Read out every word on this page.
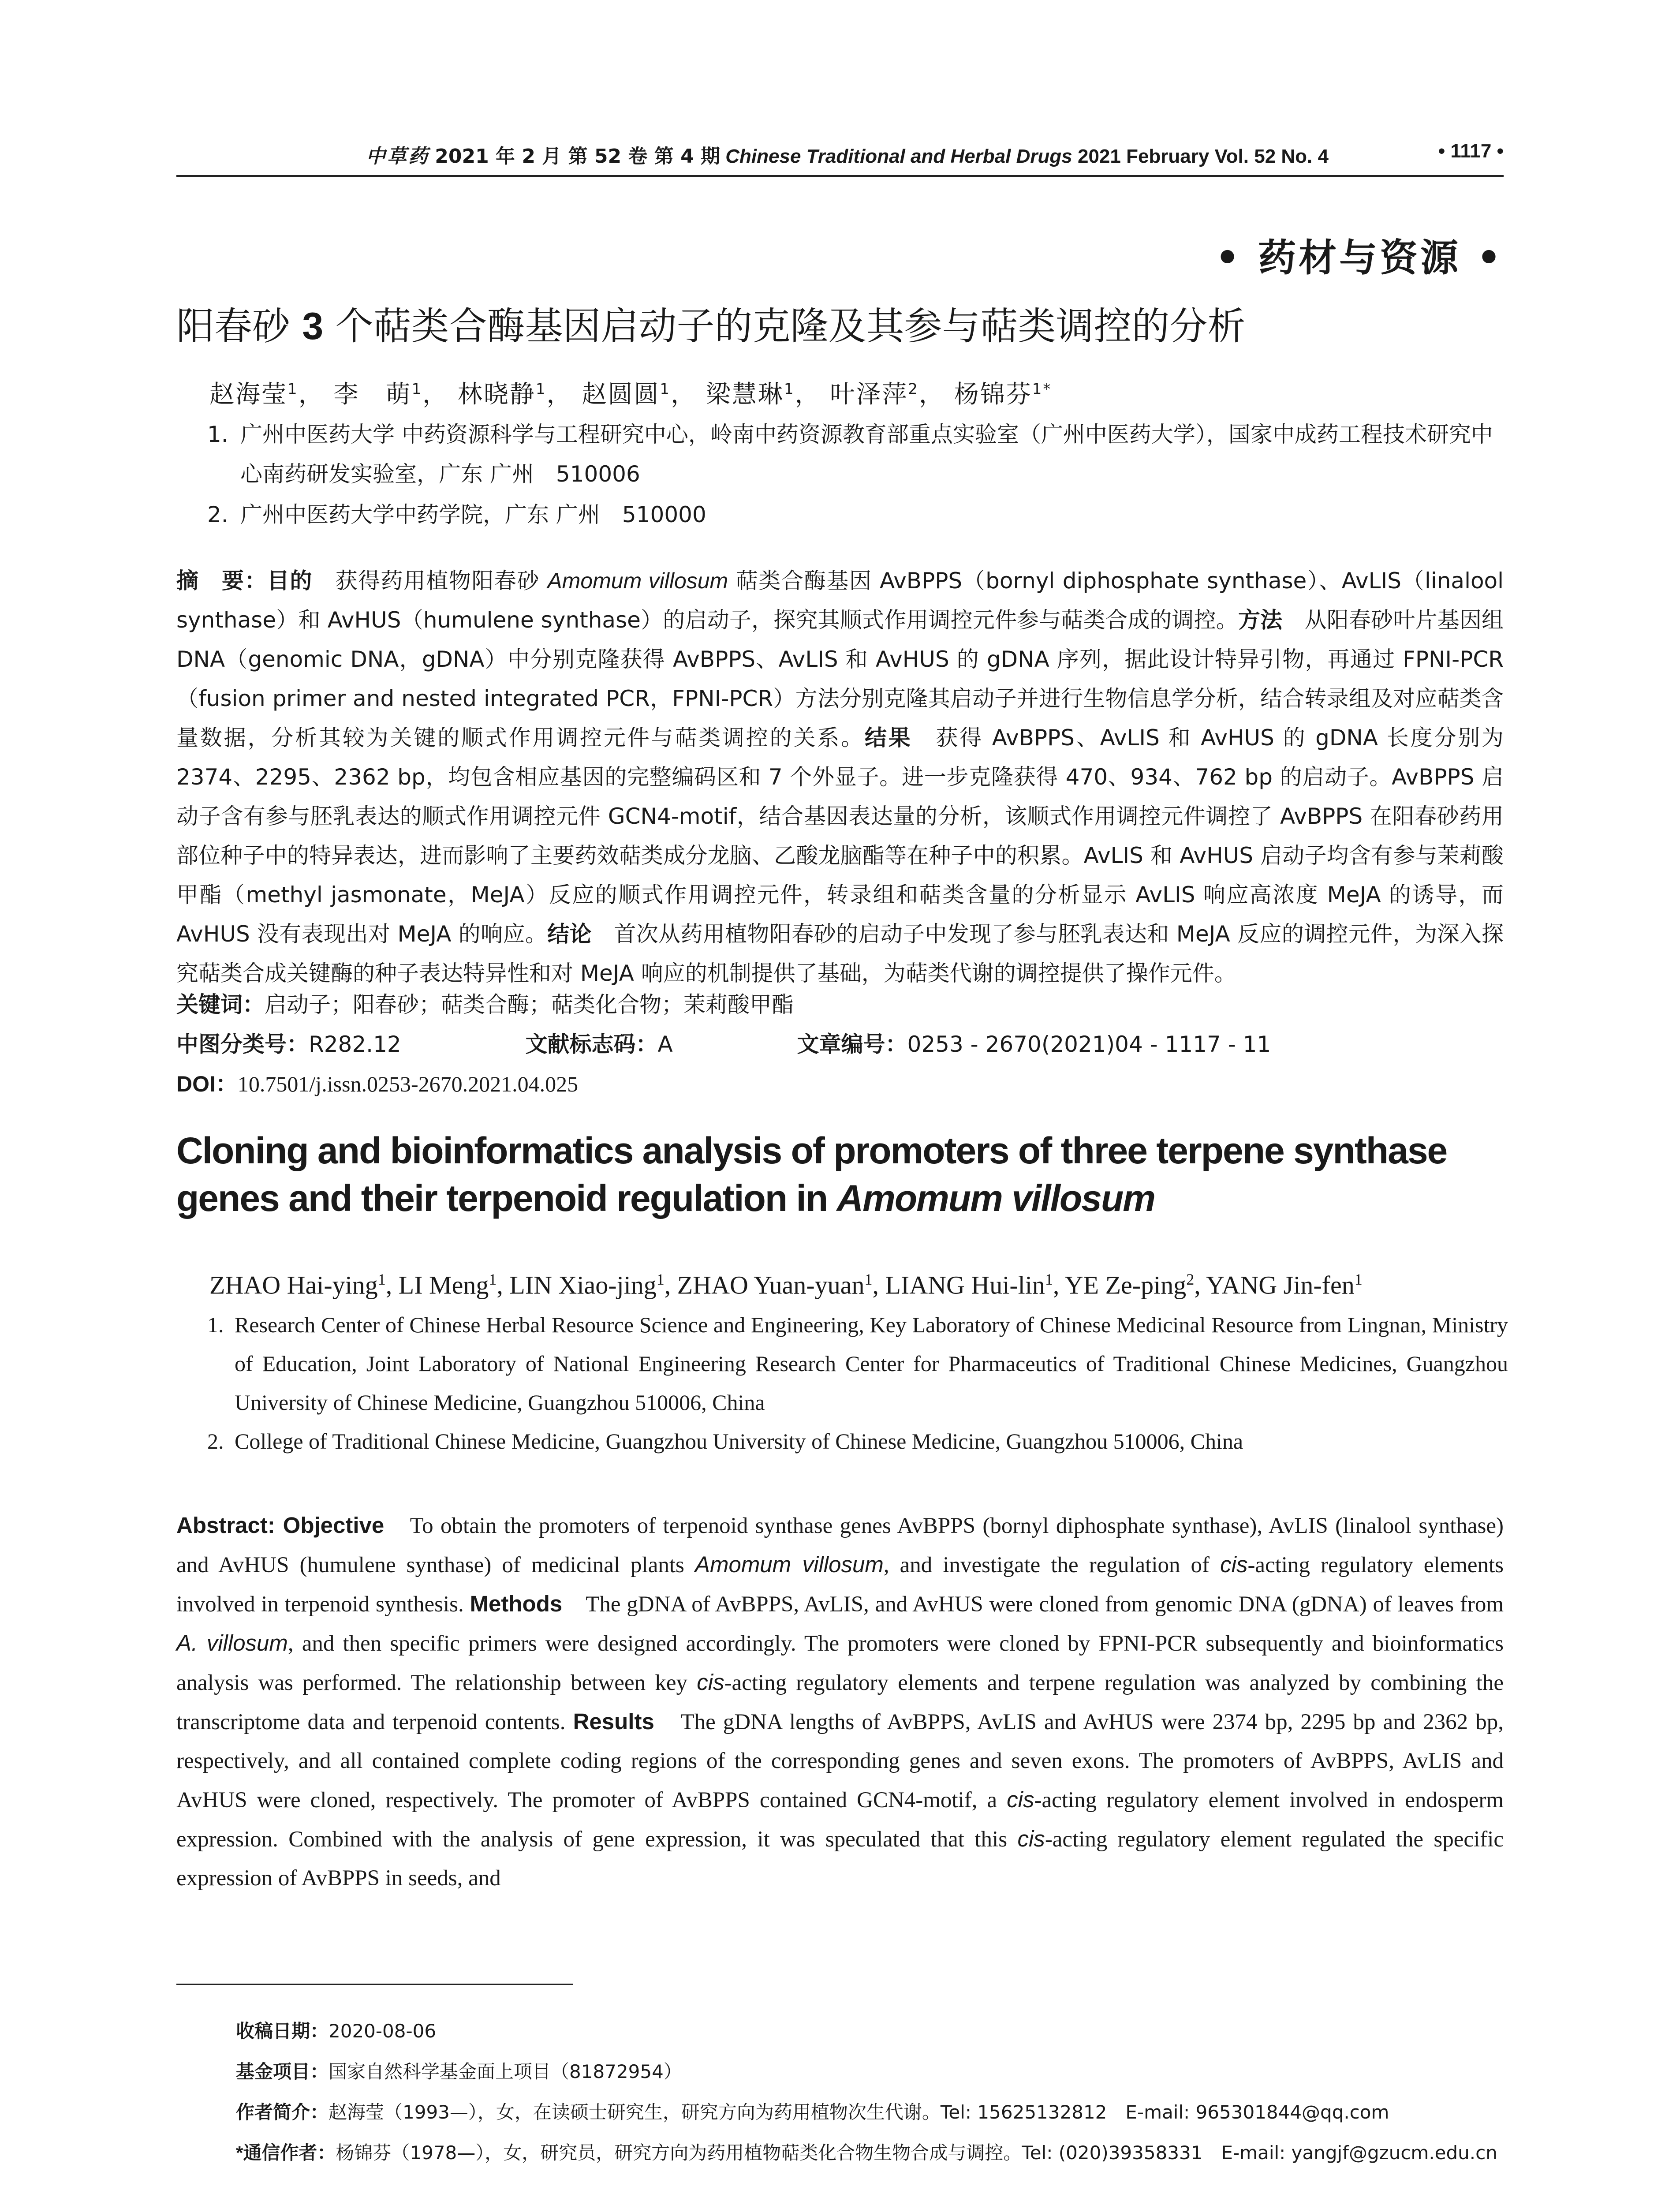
中草药 2021 年 2 月 第 52 卷 第 4 期 Chinese Traditional and Herbal Drugs 2021 February Vol. 52 No. 4	• 1117 •
• 药材与资源 •
阳春砂 3 个萜类合酶基因启动子的克隆及其参与萜类调控的分析
赵海莹$^1$， 李　萌$^1$， 林晓静$^1$， 赵圆圆$^1$， 梁慧琳$^1$， 叶泽萍$^2$， 杨锦芬$^{1*}$
1. 广州中医药大学 中药资源科学与工程研究中心，岭南中药资源教育部重点实验室（广州中医药大学），国家中成药工程技术研究中心南药研发实验室，广东 广州　510006
2. 广州中医药大学中药学院，广东 广州　510000
摘　要：目的　 获得药用植物阳春砂 Amomum villosum 萜类合酶基因 AvBPPS（bornyl diphosphate synthase）、AvLIS（linalool synthase）和 AvHUS（humulene synthase）的启动子，探究其顺式作用调控元件参与萜类合成的调控。方法　 从阳春砂叶片基因组 DNA（genomic DNA，gDNA）中分别克隆获得 AvBPPS、AvLIS 和 AvHUS 的 gDNA 序列，据此设计特异引物，再通过 FPNI-PCR（fusion primer and nested integrated PCR，FPNI-PCR）方法分别克隆其启动子并进行生物信息学分析，结合转录组及对应萜类含量数据，分析其较为关键的顺式作用调控元件与萜类调控的关系。结果　 获得 AvBPPS、AvLIS 和 AvHUS 的 gDNA 长度分别为 2374、2295、2362 bp，均包含相应基因的完整编码区和 7 个外显子。进一步克隆获得 470、934、762 bp 的启动子。AvBPPS 启动子含有参与胚乳表达的顺式作用调控元件 GCN4-motif，结合基因表达量的分析，该顺式作用调控元件调控了 AvBPPS 在阳春砂药用部位种子中的特异表达，进而影响了主要药效萜类成分龙脑、乙酸龙脑酯等在种子中的积累。AvLIS 和 AvHUS 启动子均含有参与茉莉酸甲酯（methyl jasmonate，MeJA）反应的顺式作用调控元件，转录组和萜类含量的分析显示 AvLIS 响应高浓度 MeJA 的诱导，而 AvHUS 没有表现出对 MeJA 的响应。结论　 首次从药用植物阳春砂的启动子中发现了参与胚乳表达和 MeJA 反应的调控元件，为深入探究萜类合成关键酶的种子表达特异性和对 MeJA 响应的机制提供了基础，为萜类代谢的调控提供了操作元件。
关键词：启动子；阳春砂；萜类合酶；萜类化合物；茉莉酸甲酯
中图分类号：R282.12	文献标志码：A	文章编号：0253 - 2670(2021)04 - 1117 - 11
DOI：10.7501/j.issn.0253-2670.2021.04.025
Cloning and bioinformatics analysis of promoters of three terpene synthase genes and their terpenoid regulation in Amomum villosum
ZHAO Hai-ying$^1$, LI Meng$^1$, LIN Xiao-jing$^1$, ZHAO Yuan-yuan$^1$, LIANG Hui-lin$^1$, YE Ze-ping$^2$, YANG Jin-fen$^1$
1. Research Center of Chinese Herbal Resource Science and Engineering, Key Laboratory of Chinese Medicinal Resource from Lingnan, Ministry of Education, Joint Laboratory of National Engineering Research Center for Pharmaceutics of Traditional Chinese Medicines, Guangzhou University of Chinese Medicine, Guangzhou 510006, China
2. College of Traditional Chinese Medicine, Guangzhou University of Chinese Medicine, Guangzhou 510006, China
Abstract: Objective　 To obtain the promoters of terpenoid synthase genes AvBPPS (bornyl diphosphate synthase), AvLIS (linalool synthase) and AvHUS (humulene synthase) of medicinal plants Amomum villosum, and investigate the regulation of cis-acting regulatory elements involved in terpenoid synthesis. Methods　 The gDNA of AvBPPS, AvLIS, and AvHUS were cloned from genomic DNA (gDNA) of leaves from A. villosum, and then specific primers were designed accordingly. The promoters were cloned by FPNI-PCR subsequently and bioinformatics analysis was performed. The relationship between key cis-acting regulatory elements and terpene regulation was analyzed by combining the transcriptome data and terpenoid contents. Results　 The gDNA lengths of AvBPPS, AvLIS and AvHUS were 2374 bp, 2295 bp and 2362 bp, respectively, and all contained complete coding regions of the corresponding genes and seven exons. The promoters of AvBPPS, AvLIS and AvHUS were cloned, respectively. The promoter of AvBPPS contained GCN4-motif, a cis-acting regulatory element involved in endosperm expression. Combined with the analysis of gene expression, it was speculated that this cis-acting regulatory element regulated the specific expression of AvBPPS in seeds, and
收稿日期：2020-08-06
基金项目：国家自然科学基金面上项目（81872954）
作者简介：赵海莹（1993—），女，在读硕士研究生，研究方向为药用植物次生代谢。Tel: 15625132812　E-mail: 965301844@qq.com
*通信作者：杨锦芬（1978—），女，研究员，研究方向为药用植物萜类化合物生物合成与调控。Tel: (020)39358331　E-mail: yangjf@gzucm.edu.cn
